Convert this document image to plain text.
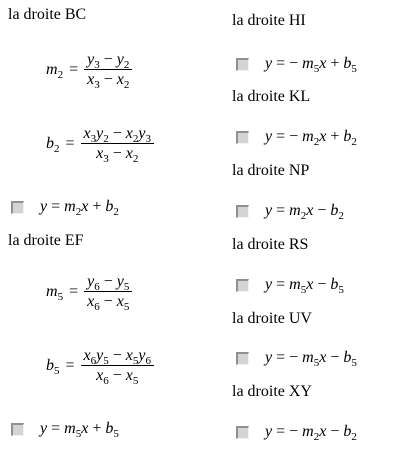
la droite BC
$m_2 = \frac{y_3 - y_2}{x_3 - x_2}$
$b_2 = \frac{x_3y_2 - x_2y_3}{x_3 - x_2}$
$y = m_2x + b_2$
la droite EF
$m_5 = \frac{y_6 - y_5}{x_6 - x_5}$
$b_5 = \frac{x_6y_5 - x_5y_6}{x_6 - x_5}$
$y = m_5x + b_5$
la droite HI
y = − $m_5x + b_5$
la droite KL
y = − $m_2x + b_2$
la droite NP
$y = m_2x - b_2$
la droite RS
$y = m_5x - b_5$
la droite UV
y = − $m_5x - b_5$
la droite XY
y = − $m_2x - b_2$
